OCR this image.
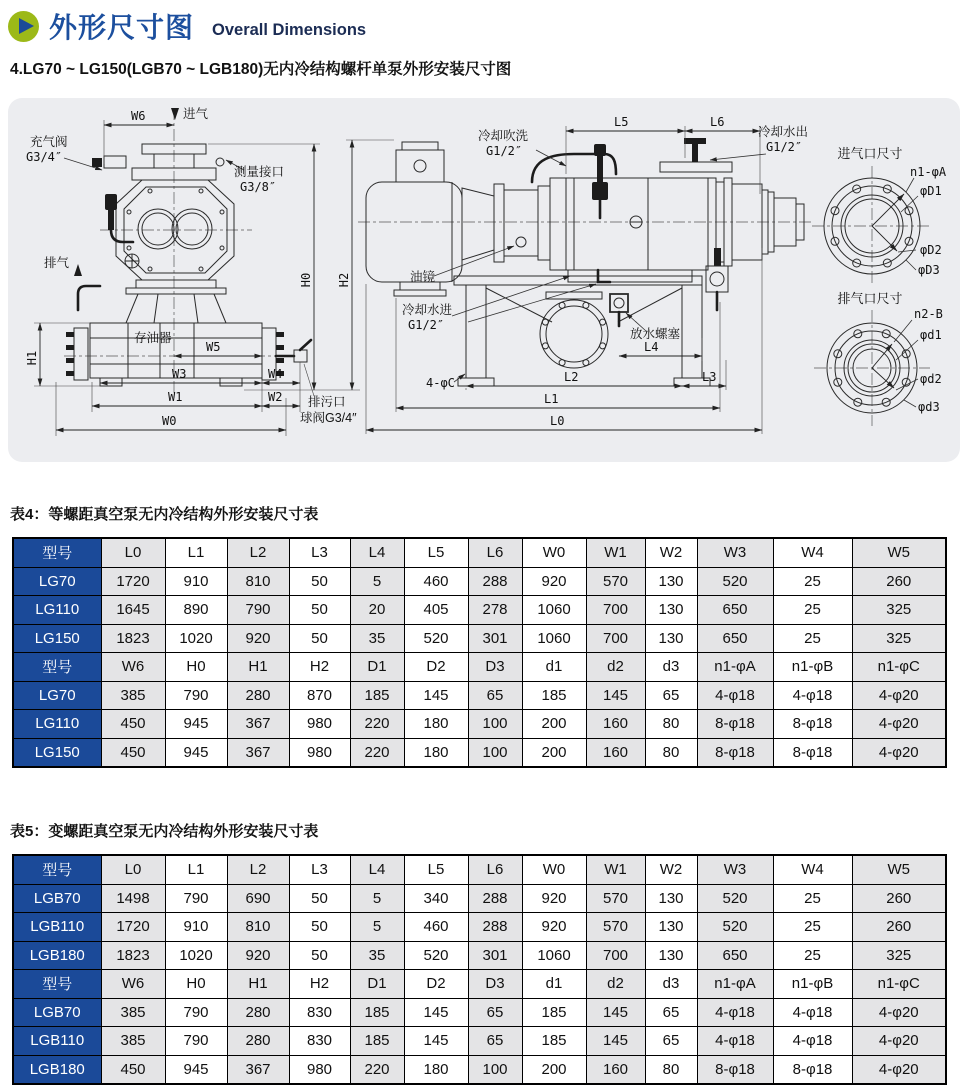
外形尺寸图 Overall Dimensions
4.LG70 ~ LG150(LGB70 ~ LGB180)无内冷结构螺杆单泵外形安装尺寸图
W6	进气
充气阀
G3/4″
测量接口
G3/8″
排气
H0 H2
H1
存油器
W5
W3	W4
W1	W2
W0
排污口
球阀G3/4″
冷却吹洗
G1/2″
L5	L6
冷却水出
G1/2″
油镜
冷却水进
G1/2″
放水螺塞
L4
4-φC	L2	L3
L1
L0
进气口尺寸
n1-φA
φD1
φD2
φD3
排气口尺寸
n2-B
φd1
φd2
φd3
表4：等螺距真空泵无内冷结构外形安装尺寸表
型号	L0	L1	L2	L3	L4	L5	L6	W0	W1	W2	W3	W4	W5
LG70	1720	910	810	50	5	460	288	920	570	130	520	25	260
LG110	1645	890	790	50	20	405	278	1060	700	130	650	25	325
LG150	1823	1020	920	50	35	520	301	1060	700	130	650	25	325
型号	W6	H0	H1	H2	D1	D2	D3	d1	d2	d3	n1-φA	n1-φB	n1-φC
LG70	385	790	280	870	185	145	65	185	145	65	4-φ18	4-φ18	4-φ20
LG110	450	945	367	980	220	180	100	200	160	80	8-φ18	8-φ18	4-φ20
LG150	450	945	367	980	220	180	100	200	160	80	8-φ18	8-φ18	4-φ20
表5：变螺距真空泵无内冷结构外形安装尺寸表
型号	L0	L1	L2	L3	L4	L5	L6	W0	W1	W2	W3	W4	W5
LGB70	1498	790	690	50	5	340	288	920	570	130	520	25	260
LGB110	1720	910	810	50	5	460	288	920	570	130	520	25	260
LGB180	1823	1020	920	50	35	520	301	1060	700	130	650	25	325
型号	W6	H0	H1	H2	D1	D2	D3	d1	d2	d3	n1-φA	n1-φB	n1-φC
LGB70	385	790	280	830	185	145	65	185	145	65	4-φ18	4-φ18	4-φ20
LGB110	385	790	280	830	185	145	65	185	145	65	4-φ18	4-φ18	4-φ20
LGB180	450	945	367	980	220	180	100	200	160	80	8-φ18	8-φ18	4-φ20
